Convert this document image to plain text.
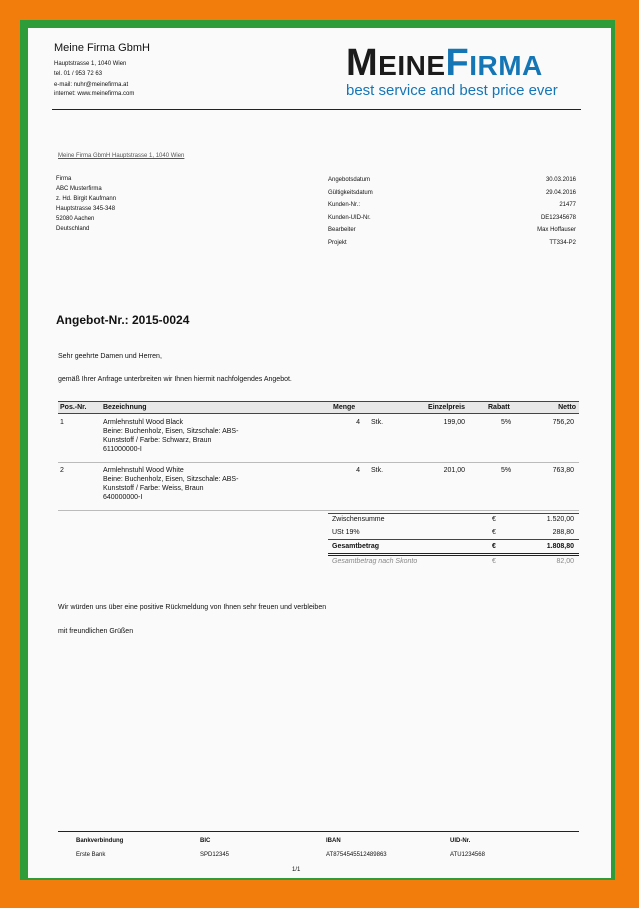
Meine Firma GbmH
Hauptstrasse 1, 1040 Wien
tel. 01 / 953 72 63
e-mail: nuhr@meinefirma.at
internet: www.meinefirma.com
MEINEFIRMA
best service and best price ever
Meine Firma GbmH Hauptstrasse 1, 1040 Wien
Firma
ABC Musterfirma
z. Hd. Birgit Kaufmann
Hauptstrasse 345-348
52080 Aachen
Deutschland
Angebotsdatum	30.03.2016
Gültigkeitsdatum	29.04.2016
Kunden-Nr.:	21477
Kunden-UID-Nr.	DE12345678
Bearbeiter	Max Hoffauser
Projekt	TT334-P2
Angebot-Nr.: 2015-0024
Sehr geehrte Damen und Herren,
gemäß Ihrer Anfrage unterbreiten wir Ihnen hiermit nachfolgendes Angebot.
Pos.-Nr. Bezeichnung	Menge	Einzelpreis	Rabatt	Netto
1	Armlehnstuhl Wood Black
Beine: Buchenholz, Eisen, Sitzschale: ABS-
Kunststoff / Farbe: Schwarz, Braun
611000000-I
4 Stk.	199,00	5%	756,20
2	Armlehnstuhl Wood White
Beine: Buchenholz, Eisen, Sitzschale: ABS-
Kunststoff / Farbe: Weiss, Braun
640000000-I
4 Stk.	201,00	5%	763,80
Zwischensumme	€	1.520,00
USt 19%	€	288,80
Gesamtbetrag	€	1.808,80
Gesamtbetrag nach Skonto	€	82,00
Wir würden uns über eine positive Rückmeldung von Ihnen sehr freuen und verbleiben
mit freundlichen Grüßen
Bankverbindung
Erste Bank
BIC
SPD12345
IBAN
AT8754545512489863
UID-Nr.
ATU1234568
1/1
